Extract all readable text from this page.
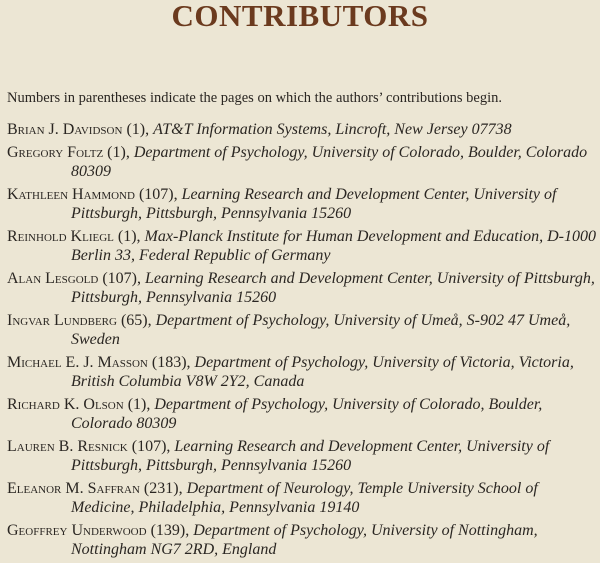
CONTRIBUTORS
Numbers in parentheses indicate the pages on which the authors’ contributions begin.
Brian J. Davidson (1), AT&T Information Systems, Lincroft, New Jersey 07738
Gregory Foltz (1), Department of Psychology, University of Colorado, Boulder, Colorado 80309
Kathleen Hammond (107), Learning Research and Development Center, University of Pittsburgh, Pittsburgh, Pennsylvania 15260
Reinhold Kliegl (1), Max-Planck Institute for Human Development and Education, D-1000 Berlin 33, Federal Republic of Germany
Alan Lesgold (107), Learning Research and Development Center, University of Pittsburgh, Pittsburgh, Pennsylvania 15260
Ingvar Lundberg (65), Department of Psychology, University of Umeå, S-902 47 Umeå, Sweden
Michael E. J. Masson (183), Department of Psychology, University of Victoria, Victoria, British Columbia V8W 2Y2, Canada
Richard K. Olson (1), Department of Psychology, University of Colorado, Boulder, Colorado 80309
Lauren B. Resnick (107), Learning Research and Development Center, University of Pittsburgh, Pittsburgh, Pennsylvania 15260
Eleanor M. Saffran (231), Department of Neurology, Temple University School of Medicine, Philadelphia, Pennsylvania 19140
Geoffrey Underwood (139), Department of Psychology, University of Nottingham, Nottingham NG7 2RD, England
